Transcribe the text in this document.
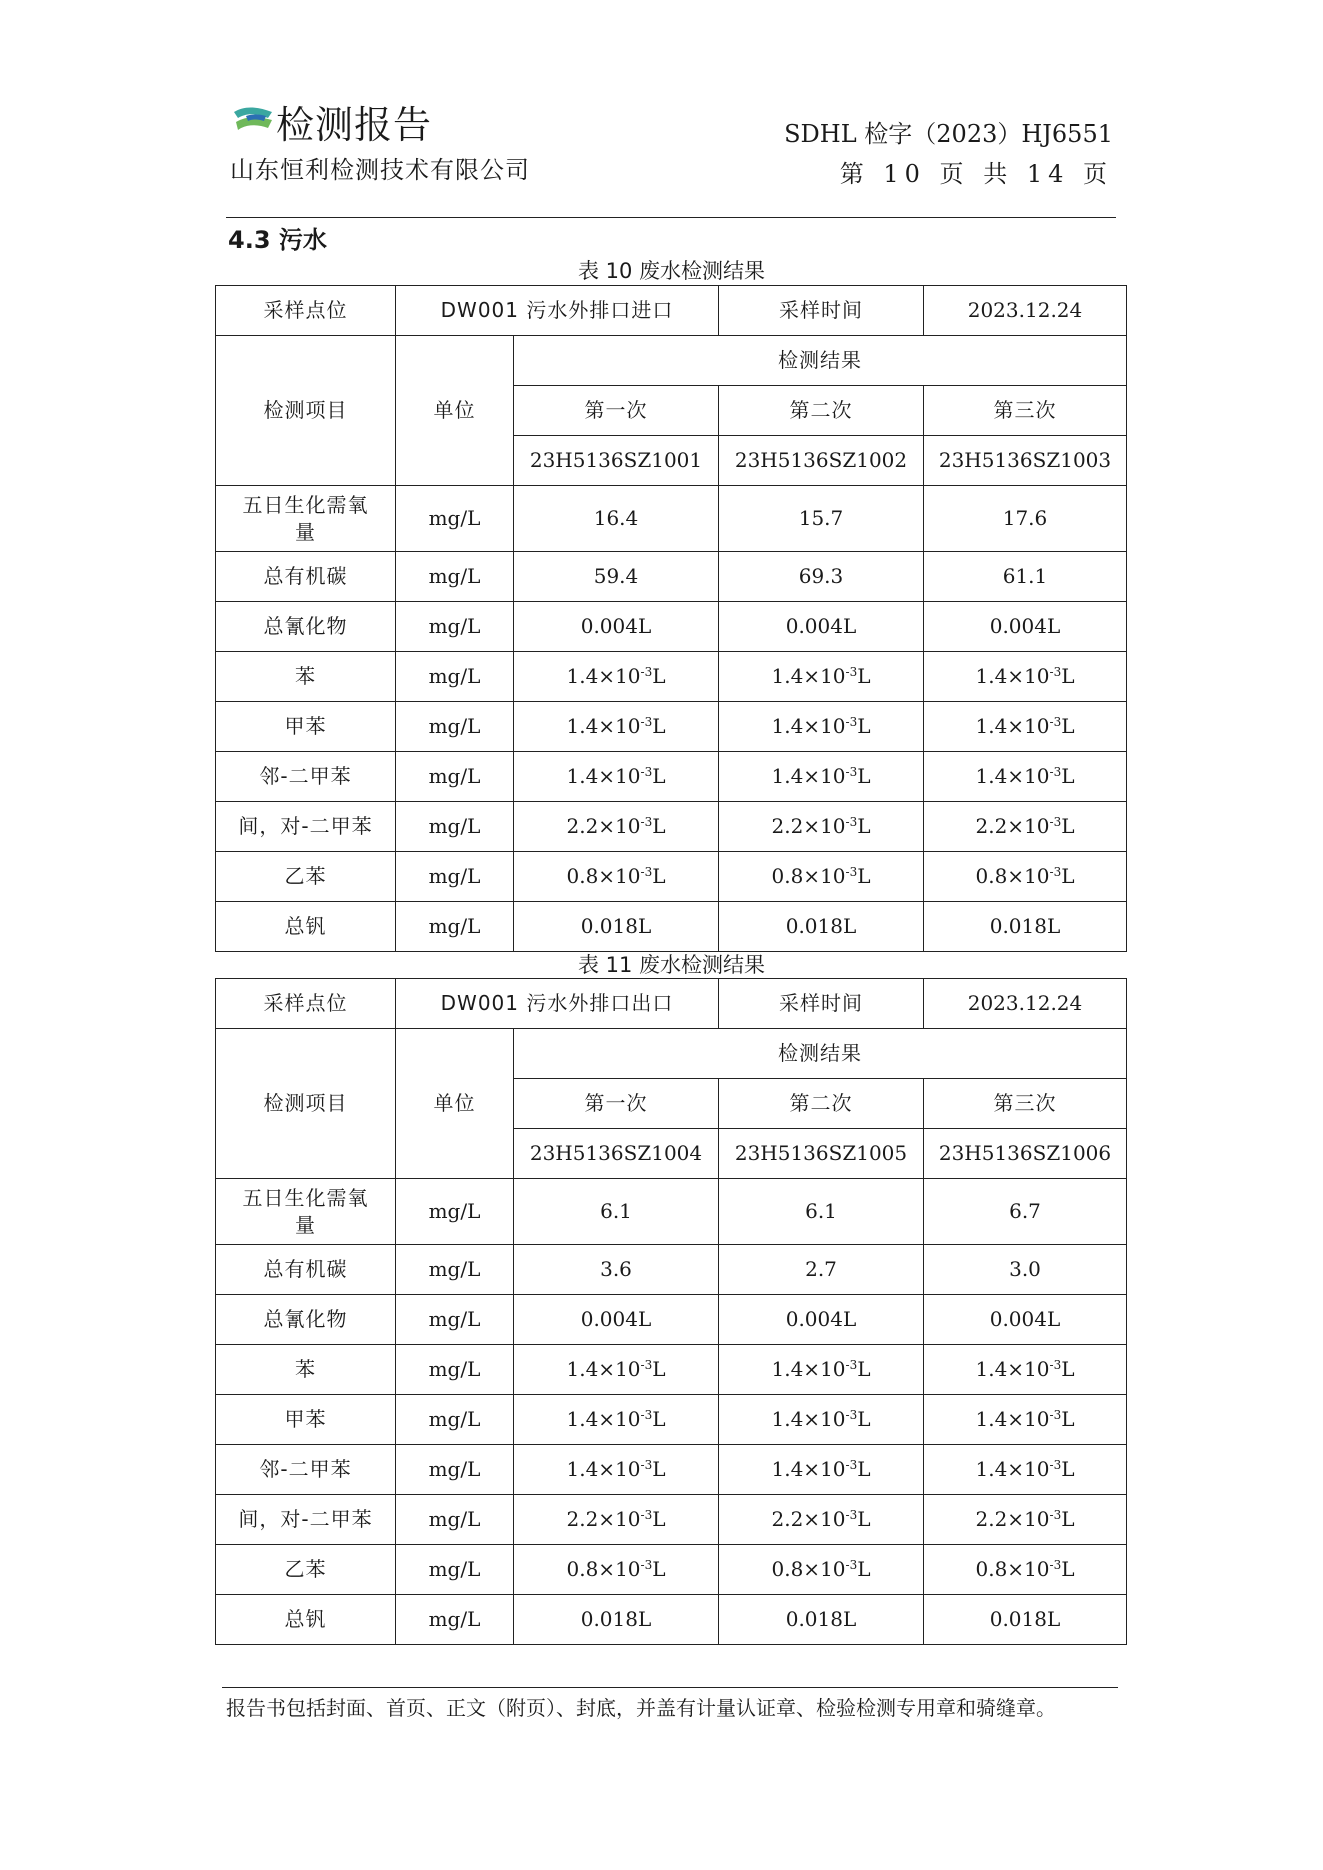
检测报告
山东恒利检测技术有限公司
SDHL 检字（2023）HJ6551
第 10 页 共 14 页
4.3 污水
表 10 废水检测结果
采样点位	DW001 污水外排口进口		采样时间	2023.12.24
检测项目	单位	检测结果		
		第一次	第二次	第三次
		23H5136SZ1001	23H5136SZ1002	23H5136SZ1003
五日生化需氧量	mg/L	16.4	15.7	17.6
总有机碳	mg/L	59.4	69.3	61.1
总氰化物	mg/L	0.004L	0.004L	0.004L
苯	mg/L	$1.4\times 10^{-3}L$	$1.4\times 10^{-3}L$	$1.4\times 10^{-3}L$
甲苯	mg/L	$1.4\times 10^{-3}L$	$1.4\times 10^{-3}L$	$1.4\times 10^{-3}L$
邻-二甲苯	mg/L	$1.4\times 10^{-3}L$	$1.4\times 10^{-3}L$	$1.4\times 10^{-3}L$
间，对-二甲苯	mg/L	$2.2\times 10^{-3}L$	$2.2\times 10^{-3}L$	$2.2\times 10^{-3}L$
乙苯	mg/L	$0.8\times 10^{-3}L$	$0.8\times 10^{-3}L$	$0.8\times 10^{-3}L$
总钒	mg/L	0.018L	0.018L	0.018L
表 11 废水检测结果
采样点位	DW001 污水外排口出口		采样时间	2023.12.24
检测项目	单位	检测结果		
		第一次	第二次	第三次
		23H5136SZ1004	23H5136SZ1005	23H5136SZ1006
五日生化需氧量	mg/L	6.1	6.1	6.7
总有机碳	mg/L	3.6	2.7	3.0
总氰化物	mg/L	0.004L	0.004L	0.004L
苯	mg/L	$1.4\times 10^{-3}L$	$1.4\times 10^{-3}L$	$1.4\times 10^{-3}L$
甲苯	mg/L	$1.4\times 10^{-3}L$	$1.4\times 10^{-3}L$	$1.4\times 10^{-3}L$
邻-二甲苯	mg/L	$1.4\times 10^{-3}L$	$1.4\times 10^{-3}L$	$1.4\times 10^{-3}L$
间，对-二甲苯	mg/L	$2.2\times 10^{-3}L$	$2.2\times 10^{-3}L$	$2.2\times 10^{-3}L$
乙苯	mg/L	$0.8\times 10^{-3}L$	$0.8\times 10^{-3}L$	$0.8\times 10^{-3}L$
总钒	mg/L	0.018L	0.018L	0.018L
报告书包括封面、首页、正文（附页）、封底，并盖有计量认证章、检验检测专用章和骑缝章。
